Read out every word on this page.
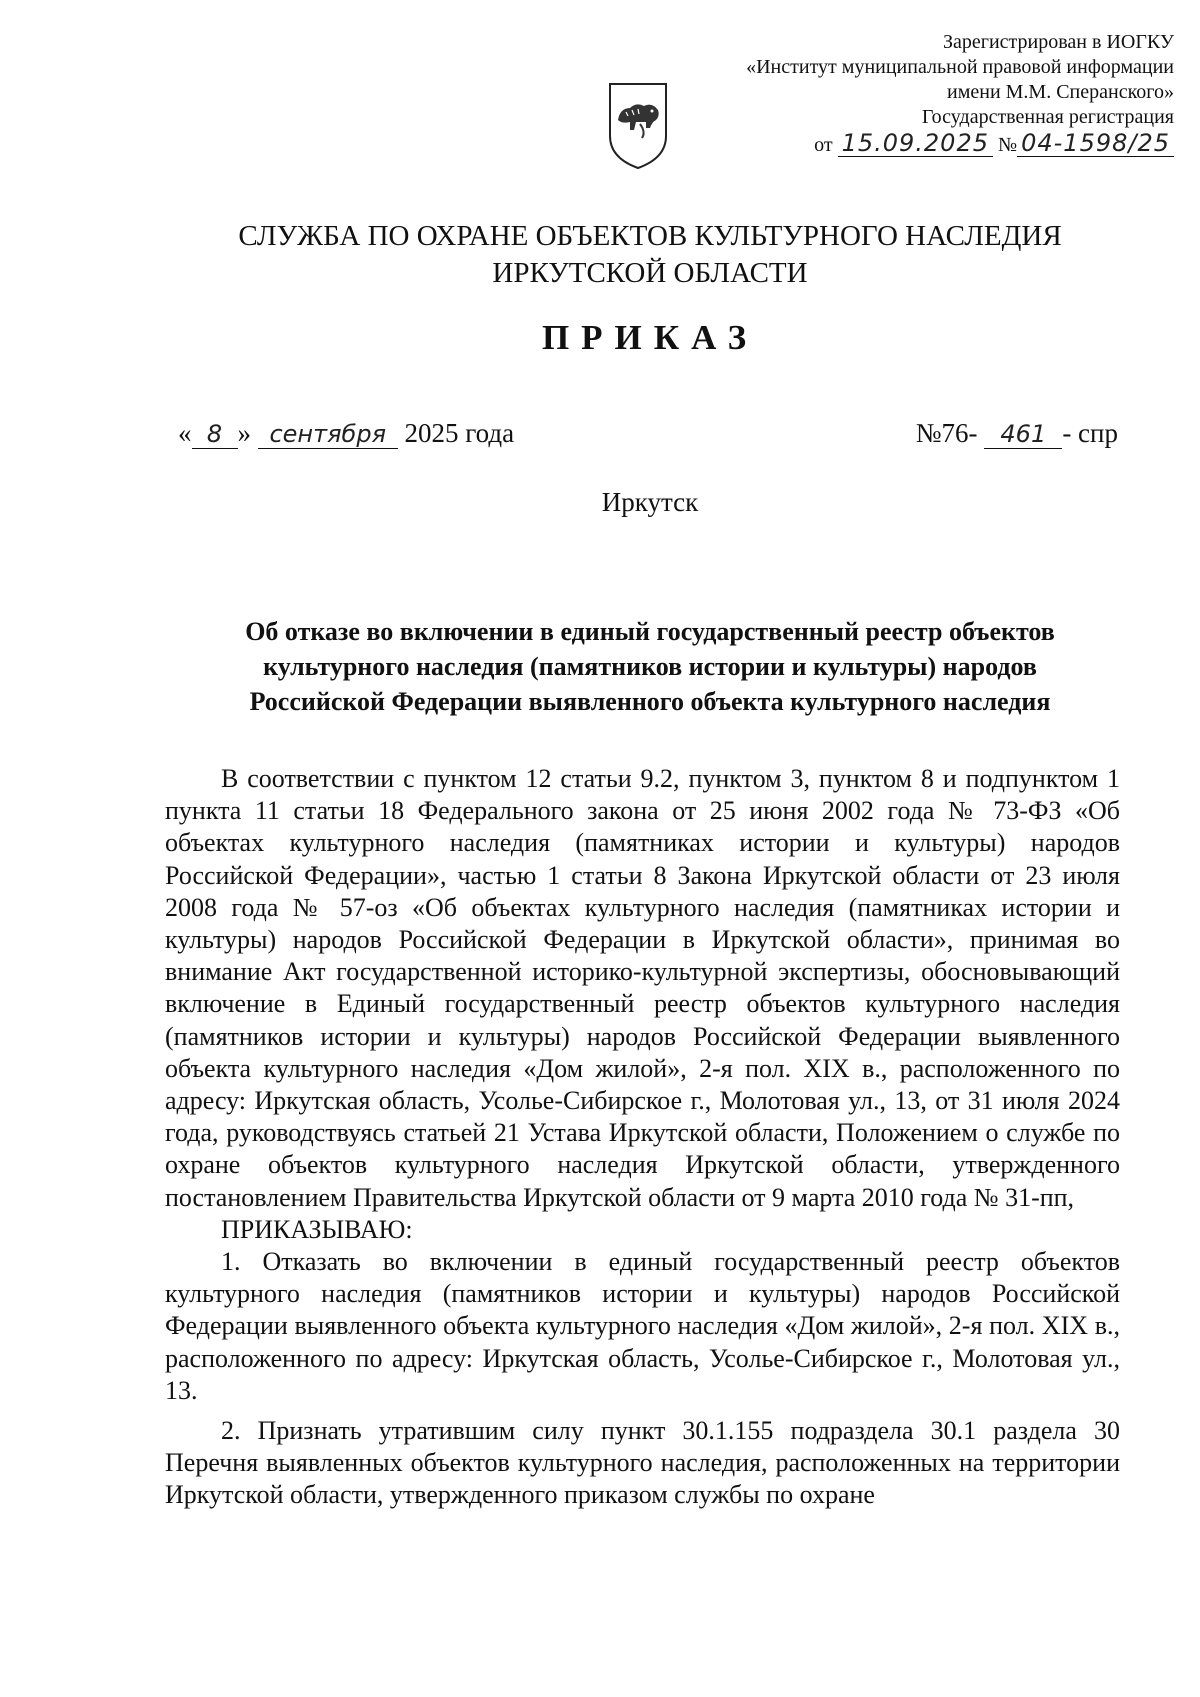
Зарегистрирован в ИОГКУ
«Институт муниципальной правовой информации
имени М.М. Сперанского»
Государственная регистрация
от 15.09.2025 № 04-1598/25
СЛУЖБА ПО ОХРАНЕ ОБЪЕКТОВ КУЛЬТУРНОГО НАСЛЕДИЯ
ИРКУТСКОЙ ОБЛАСТИ
ПРИКАЗ
« 8 » сентября 2025 года	№76- 461 - спр
Иркутск
Об отказе во включении в единый государственный реестр объектов
культурного наследия (памятников истории и культуры) народов
Российской Федерации выявленного объекта культурного наследия

В соответствии с пунктом 12 статьи 9.2, пунктом 3, пунктом 8 и подпунктом 1 пункта 11 статьи 18 Федерального закона от 25 июня 2002 года № 73-ФЗ «Об объектах культурного наследия (памятниках истории и культуры) народов Российской Федерации», частью 1 статьи 8 Закона Иркутской области от 23 июля 2008 года № 57-оз «Об объектах культурного наследия (памятниках истории и культуры) народов Российской Федерации в Иркутской области», принимая во внимание Акт государственной историко-культурной экспертизы, обосновывающий включение в Единый государственный реестр объектов культурного наследия (памятников истории и культуры) народов Российской Федерации выявленного объекта культурного наследия «Дом жилой», 2-я пол. XIX в., расположенного по адресу: Иркутская область, Усолье-Сибирское г., Молотовая ул., 13, от 31 июля 2024 года, руководствуясь статьей 21 Устава Иркутской области, Положением о службе по охране объектов культурного наследия Иркутской области, утвержденного постановлением Правительства Иркутской области от 9 марта 2010 года № 31-пп,

ПРИКАЗЫВАЮ:

1. Отказать во включении в единый государственный реестр объектов культурного наследия (памятников истории и культуры) народов Российской Федерации выявленного объекта культурного наследия «Дом жилой», 2-я пол. XIX в., расположенного по адресу: Иркутская область, Усолье-Сибирское г., Молотовая ул., 13.

2. Признать утратившим силу пункт 30.1.155 подраздела 30.1 раздела 30 Перечня выявленных объектов культурного наследия, расположенных на территории Иркутской области, утвержденного приказом службы по охране
